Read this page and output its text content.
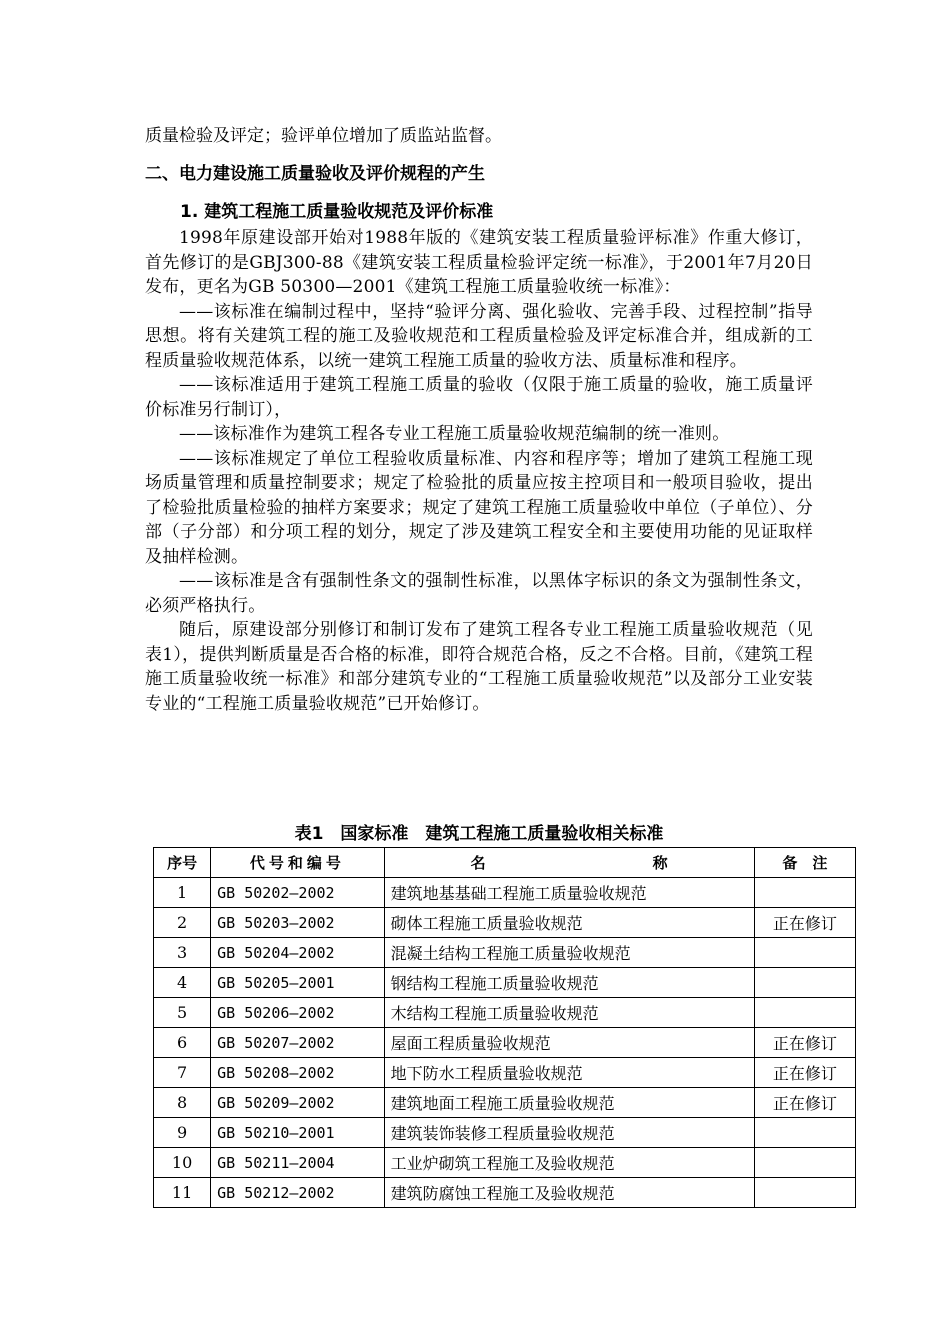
质量检验及评定；验评单位增加了质监站监督。
二、电力建设施工质量验收及评价规程的产生
1. 建筑工程施工质量验收规范及评价标准

1998年原建设部开始对1988年版的《建筑安装工程质量验评标准》作重大修订，首先修订的是GBJ300-88《建筑安装工程质量检验评定统一标准》，于2001年7月20日发布，更名为GB 50300—2001《建筑工程施工质量验收统一标准》：

——该标准在编制过程中，坚持“验评分离、强化验收、完善手段、过程控制”指导思想。将有关建筑工程的施工及验收规范和工程质量检验及评定标准合并，组成新的工程质量验收规范体系，以统一建筑工程施工质量的验收方法、质量标准和程序。

——该标准适用于建筑工程施工质量的验收（仅限于施工质量的验收，施工质量评价标准另行制订），

——该标准作为建筑工程各专业工程施工质量验收规范编制的统一准则。

——该标准规定了单位工程验收质量标准、内容和程序等；增加了建筑工程施工现场质量管理和质量控制要求；规定了检验批的质量应按主控项目和一般项目验收，提出了检验批质量检验的抽样方案要求；规定了建筑工程施工质量验收中单位（子单位）、分部（子分部）和分项工程的划分，规定了涉及建筑工程安全和主要使用功能的见证取样及抽样检测。

——该标准是含有强制性条文的强制性标准，以黑体字标识的条文为强制性条文，必须严格执行。

随后，原建设部分别修订和制订发布了建筑工程各专业工程施工质量验收规范（见表1），提供判断质量是否合格的标准，即符合规范合格，反之不合格。目前，《建筑工程施工质量验收统一标准》和部分建筑专业的“工程施工质量验收规范”以及部分工业安装专业的“工程施工质量验收规范”已开始修订。

表1　国家标准　建筑工程施工质量验收相关标准
序号	代号和编号	名 称	备　注
1	GB 50202—2002	建筑地基基础工程施工质量验收规范	
2	GB 50203—2002	砌体工程施工质量验收规范	正在修订
3	GB 50204—2002	混凝土结构工程施工质量验收规范	
4	GB 50205—2001	钢结构工程施工质量验收规范	
5	GB 50206—2002	木结构工程施工质量验收规范	
6	GB 50207—2002	屋面工程质量验收规范	正在修订
7	GB 50208—2002	地下防水工程质量验收规范	正在修订
8	GB 50209—2002	建筑地面工程施工质量验收规范	正在修订
9	GB 50210—2001	建筑装饰装修工程质量验收规范	
10	GB 50211—2004	工业炉砌筑工程施工及验收规范	
11	GB 50212—2002	建筑防腐蚀工程施工及验收规范	
